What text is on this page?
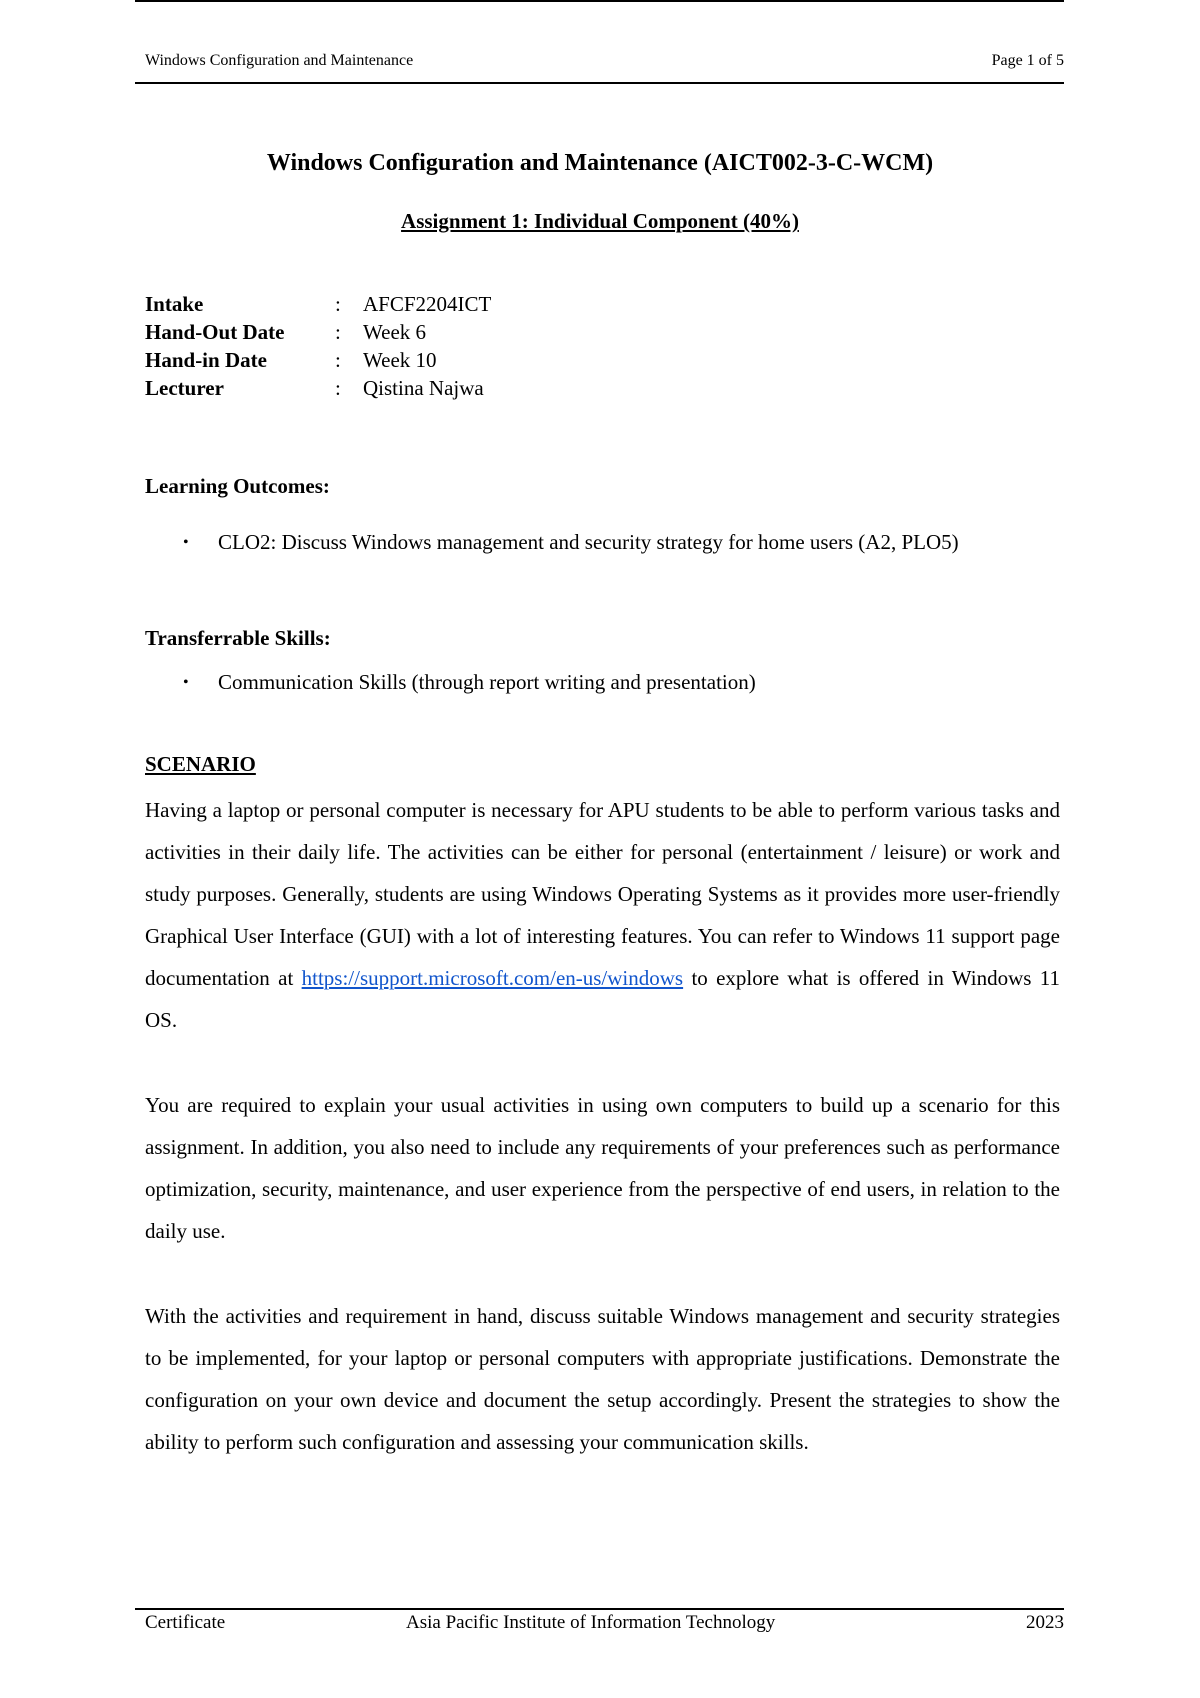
Windows Configuration and Maintenance	Page 1 of 5
Windows Configuration and Maintenance (AICT002-3-C-WCM)
Assignment 1: Individual Component (40%)
Intake	:	AFCF2204ICT
Hand-Out Date	:	Week 6
Hand-in Date	:	Week 10
Lecturer	:	Qistina Najwa
Learning Outcomes:
•	CLO2: Discuss Windows management and security strategy for home users (A2, PLO5)
Transferrable Skills:
•	Communication Skills (through report writing and presentation)
SCENARIO
Having a laptop or personal computer is necessary for APU students to be able to perform various tasks and activities in their daily life. The activities can be either for personal (entertainment / leisure) or work and study purposes. Generally, students are using Windows Operating Systems as it provides more user-friendly Graphical User Interface (GUI) with a lot of interesting features. You can refer to Windows 11 support page documentation at https://support.microsoft.com/en-us/windows to explore what is offered in Windows 11 OS.
You are required to explain your usual activities in using own computers to build up a scenario for this assignment. In addition, you also need to include any requirements of your preferences such as performance optimization, security, maintenance, and user experience from the perspective of end users, in relation to the daily use.
With the activities and requirement in hand, discuss suitable Windows management and security strategies to be implemented, for your laptop or personal computers with appropriate justifications. Demonstrate the configuration on your own device and document the setup accordingly. Present the strategies to show the ability to perform such configuration and assessing your communication skills.
Certificate	Asia Pacific Institute of Information Technology	2023
